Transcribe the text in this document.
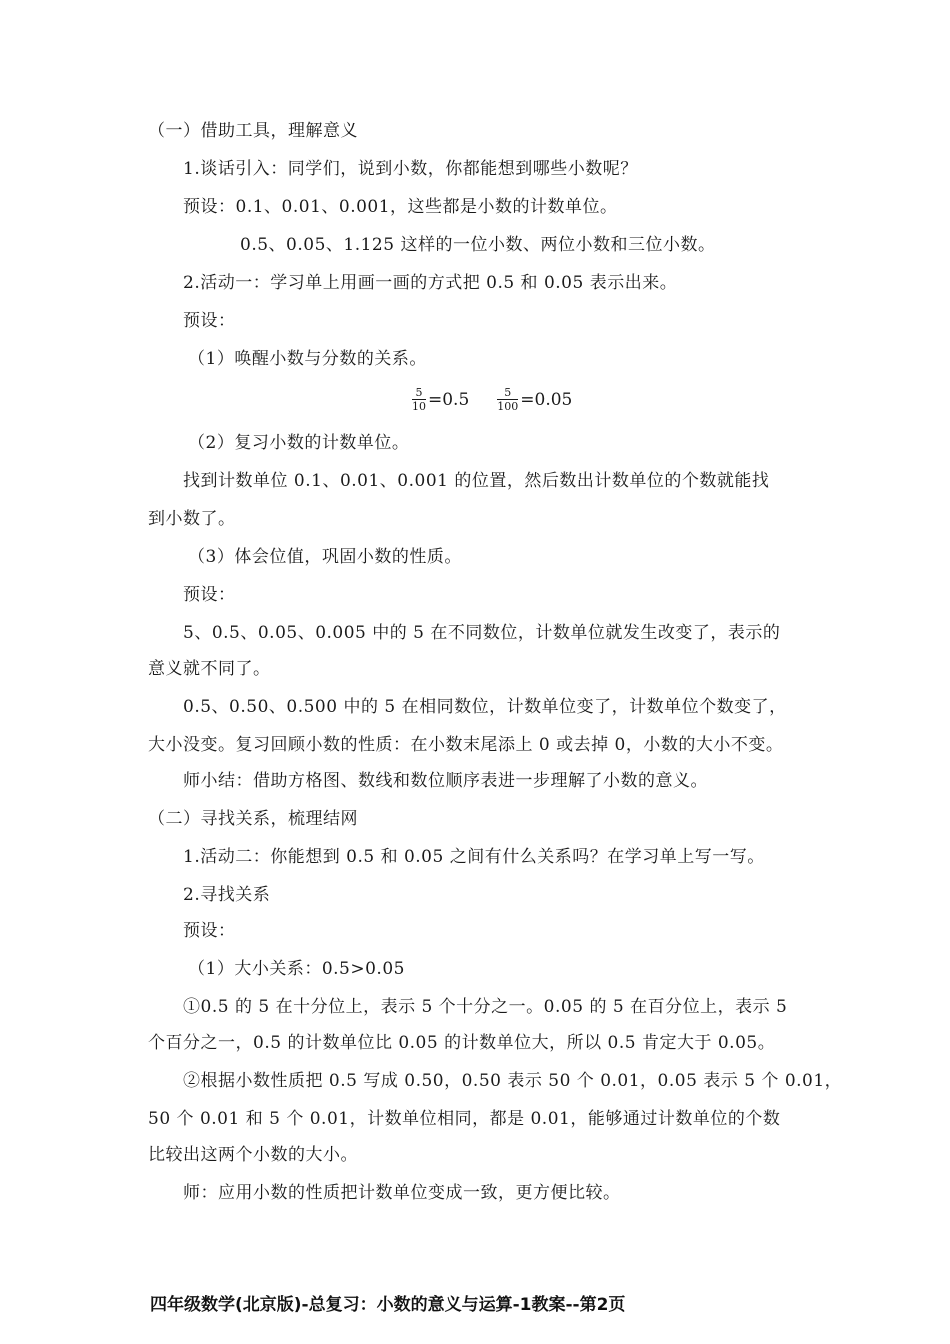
（一）借助工具，理解意义
1.谈话引入：同学们，说到小数，你都能想到哪些小数呢？
预设：0.1、0.01、0.001，这些都是小数的计数单位。
0.5、0.05、1.125 这样的一位小数、两位小数和三位小数。
2.活动一：学习单上用画一画的方式把 0.5 和 0.05 表示出来。
预设：
（1）唤醒小数与分数的关系。
$\frac{5}{10} =0.5$	$\frac{5}{100} =0.05$
（2）复习小数的计数单位。
找到计数单位 0.1、0.01、0.001 的位置，然后数出计数单位的个数就能找
到小数了。
（3）体会位值，巩固小数的性质。
预设：
5、0.5、0.05、0.005 中的 5 在不同数位，计数单位就发生改变了，表示的
意义就不同了。
0.5、0.50、0.500 中的 5 在相同数位，计数单位变了，计数单位个数变了，
大小没变。复习回顾小数的性质：在小数末尾添上 0 或去掉 0，小数的大小不变。
师小结：借助方格图、数线和数位顺序表进一步理解了小数的意义。
（二）寻找关系，梳理结网
1.活动二：你能想到 0.5 和 0.05 之间有什么关系吗？在学习单上写一写。
2.寻找关系
预设：
（1）大小关系：0.5>0.05
①0.5 的 5 在十分位上，表示 5 个十分之一。0.05 的 5 在百分位上，表示 5
个百分之一，0.5 的计数单位比 0.05 的计数单位大，所以 0.5 肯定大于 0.05。
②根据小数性质把 0.5 写成 0.50，0.50 表示 50 个 0.01，0.05 表示 5 个 0.01，
50 个 0.01 和 5 个 0.01，计数单位相同，都是 0.01，能够通过计数单位的个数
比较出这两个小数的大小。
师：应用小数的性质把计数单位变成一致，更方便比较。
四年级数学(北京版)-总复习：小数的意义与运算-1教案--第2页
